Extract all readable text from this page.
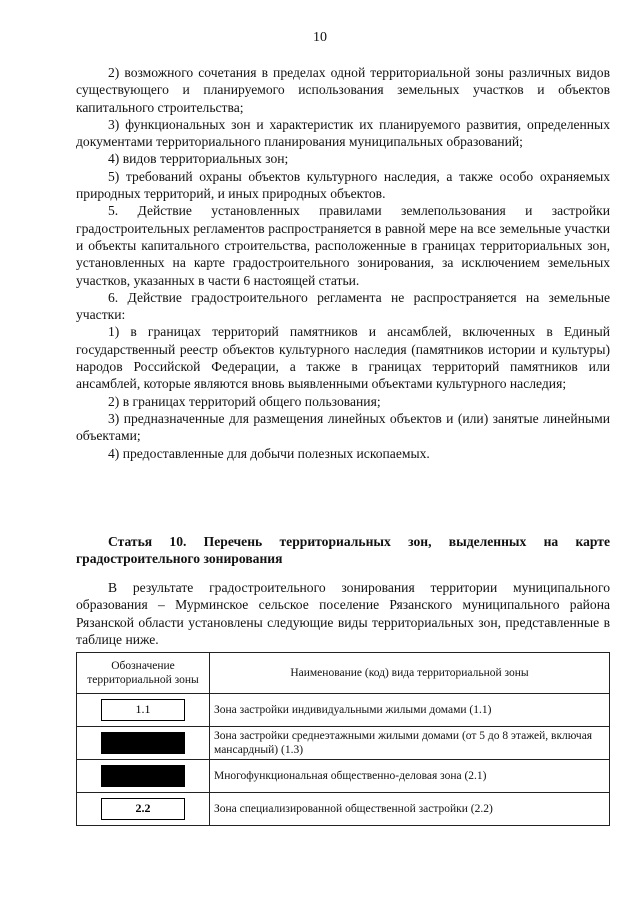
10

2) возможного сочетания в пределах одной территориальной зоны различных видов существующего и планируемого использования земельных участков и объектов капитального строительства;

3) функциональных зон и характеристик их планируемого развития, определенных документами территориального планирования муниципальных образований;

4) видов территориальных зон;

5) требований охраны объектов культурного наследия, а также особо охраняемых природных территорий, и иных природных объектов.

5. Действие установленных правилами землепользования и застройки градостроительных регламентов распространяется в равной мере на все земельные участки и объекты капитального строительства, расположенные в границах территориальных зон, установленных на карте градостроительного зонирования, за исключением земельных участков, указанных в части 6 настоящей статьи.

6. Действие градостроительного регламента не распространяется на земельные участки:

1) в границах территорий памятников и ансамблей, включенных в Единый государственный реестр объектов культурного наследия (памятников истории и культуры) народов Российской Федерации, а также в границах территорий памятников или ансамблей, которые являются вновь выявленными объектами культурного наследия;

2) в границах территорий общего пользования;

3) предназначенные для размещения линейных объектов и (или) занятые линейными объектами;

4) предоставленные для добычи полезных ископаемых.

Статья 10. Перечень территориальных зон, выделенных на карте градостроительного зонирования

В результате градостроительного зонирования территории муниципального образования – Мурминское сельское поселение Рязанского муниципального района Рязанской области установлены следующие виды территориальных зон, представленные в таблице ниже.

Обозначение территориальной зоны	Наименование (код) вида территориальной зоны
1.1	Зона застройки индивидуальными жилыми домами (1.1)
1.3	Зона застройки среднеэтажными жилыми домами (от 5 до 8 этажей, включая мансардный) (1.3)
2.1	Многофункциональная общественно-деловая зона (2.1)
2.2	Зона специализированной общественной застройки (2.2)
